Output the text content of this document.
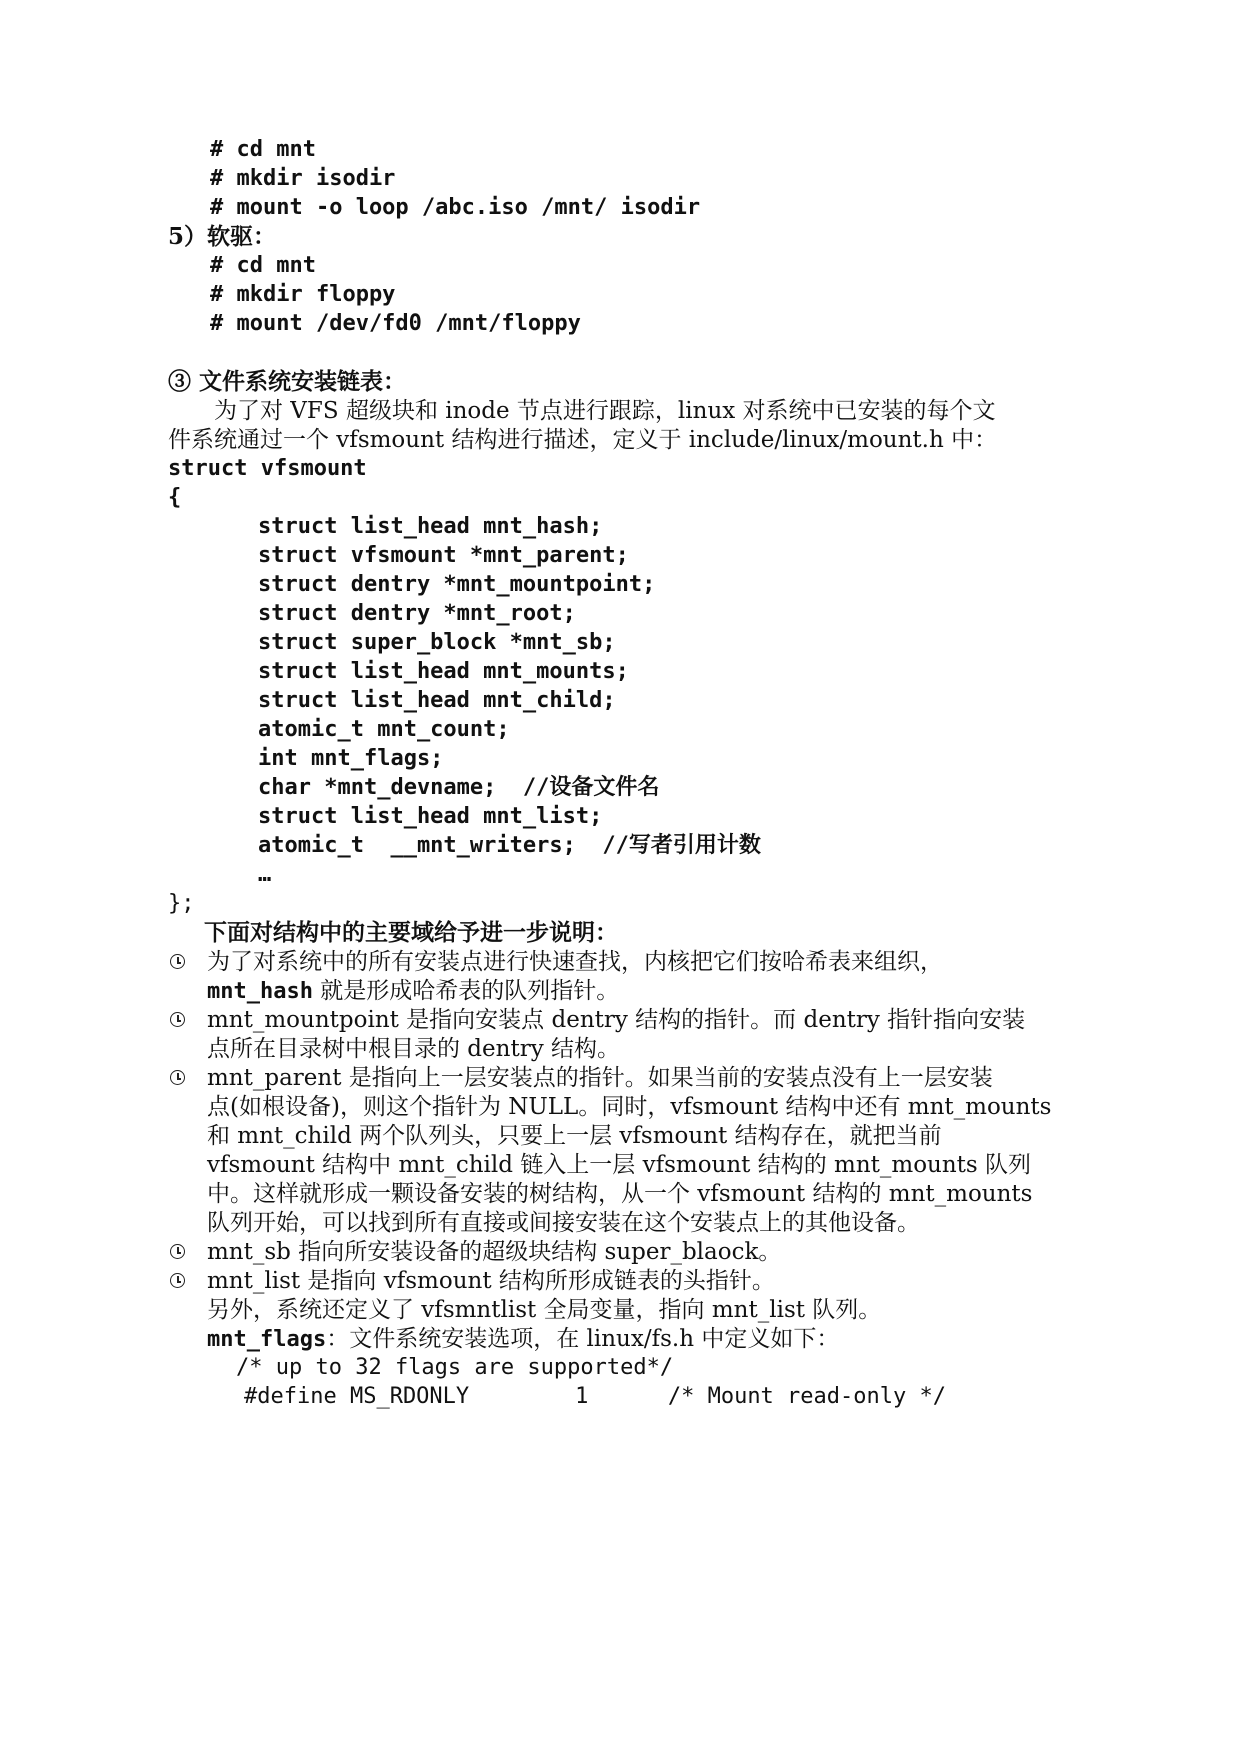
# cd mnt
# mkdir isodir
# mount -o loop /abc.iso /mnt/ isodir
5）软驱：
# cd mnt
# mkdir floppy
# mount /dev/fd0 /mnt/floppy
③ 文件系统安装链表：
为了对 VFS 超级块和 inode 节点进行跟踪，linux 对系统中已安装的每个文
件系统通过一个 vfsmount 结构进行描述，定义于 include/linux/mount.h 中：
struct vfsmount
{
struct list_head mnt_hash;
struct vfsmount *mnt_parent;
struct dentry *mnt_mountpoint;
struct dentry *mnt_root;
struct super_block *mnt_sb;
struct list_head mnt_mounts;
struct list_head mnt_child;
atomic_t mnt_count;
int mnt_flags;
char *mnt_devname;  //设备文件名
struct list_head mnt_list;
atomic_t  __mnt_writers;  //写者引用计数
…
};
下面对结构中的主要域给予进一步说明：
为了对系统中的所有安装点进行快速查找，内核把它们按哈希表来组织，
mnt_hash 就是形成哈希表的队列指针。
mnt_mountpoint 是指向安装点 dentry 结构的指针。而 dentry 指针指向安装
点所在目录树中根目录的 dentry 结构。
mnt_parent 是指向上一层安装点的指针。如果当前的安装点没有上一层安装
点(如根设备)，则这个指针为 NULL。同时，vfsmount 结构中还有 mnt_mounts
和 mnt_child 两个队列头，只要上一层 vfsmount 结构存在，就把当前
vfsmount 结构中 mnt_child 链入上一层 vfsmount 结构的 mnt_mounts 队列
中。这样就形成一颗设备安装的树结构，从一个 vfsmount 结构的 mnt_mounts
队列开始，可以找到所有直接或间接安装在这个安装点上的其他设备。
mnt_sb 指向所安装设备的超级块结构 super_blaock。
mnt_list 是指向 vfsmount 结构所形成链表的头指针。
另外，系统还定义了 vfsmntlist 全局变量，指向 mnt_list 队列。
mnt_flags：文件系统安装选项，在 linux/fs.h 中定义如下：
/* up to 32 flags are supported*/
#define MS_RDONLY        1      /* Mount read-only */
